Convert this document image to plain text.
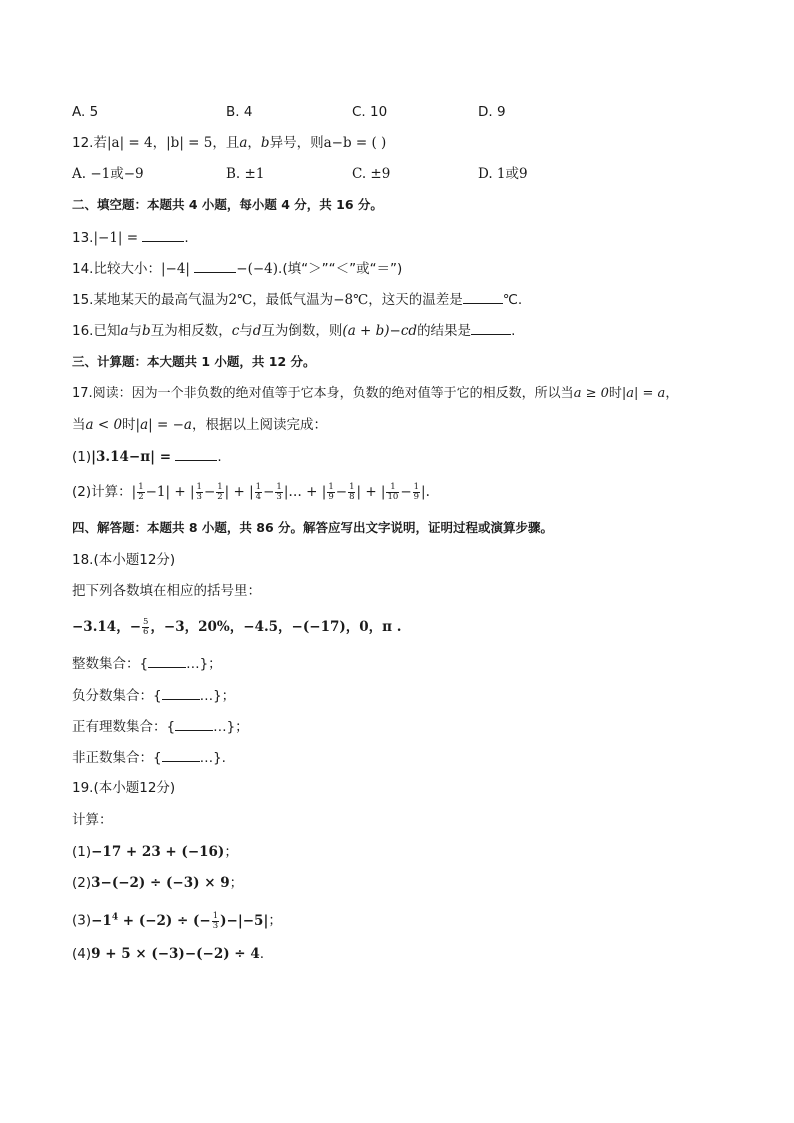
A. 5	B. 4	C. 10	D. 9
12.若|a| = 4，|b| = 5，且a，b异号，则a−b = ( )
A. −1或−9	B. ±1	C. ±9	D. 1或9
二、填空题：本题共 4 小题，每小题 4 分，共 16 分。
13.|−1| =	.
14.比较大小：|−4|	−(−4).(填“＞”“＜”或“＝”)
15.某地某天的最高气温为2℃，最低气温为−8℃，这天的温差是	℃.
16.已知a与b互为相反数，c与d互为倒数，则(a + b)−cd的结果是	.
三、计算题：本大题共 1 小题，共 12 分。
17.阅读：因为一个非负数的绝对值等于它本身，负数的绝对值等于它的相反数，所以当a ≥ 0时|a| = a，
当a < 0时|a| = −a，根据以上阅读完成：
(1)|3.14−π| =	.
(2)计算：| $\frac{1}{2} -1|$ + | $\frac{1}{3} - \frac{1}{2}$ | + | $\frac{1}{4} - \frac{1}{3}$ |… + | $\frac{1}{9} - \frac{1}{8}$ | + | $\frac{1}{10} - \frac{1}{9}$ |.
四、解答题：本题共 8 小题，共 86 分。解答应写出文字说明，证明过程或演算步骤。
18.(本小题12分)
把下列各数填在相应的括号里：
−3.14，− $\frac{5}{6}$ ，−3，20%，−4.5，−(−17)，0，π .
整数集合：{	…}；
负分数集合：{	…}；
正有理数集合：{	…}；
非正数集合：{	…}.
19.(本小题12分)
计算：
(1)−17 + 23 + (−16)；
(2)3−(−2) ÷ (−3) × 9；
$(3)-1^4 + (-2)$ ÷ (− $\frac{1}{3} )-|-5|$；
(4)9 + 5 × (−3)−(−2) ÷ 4.
